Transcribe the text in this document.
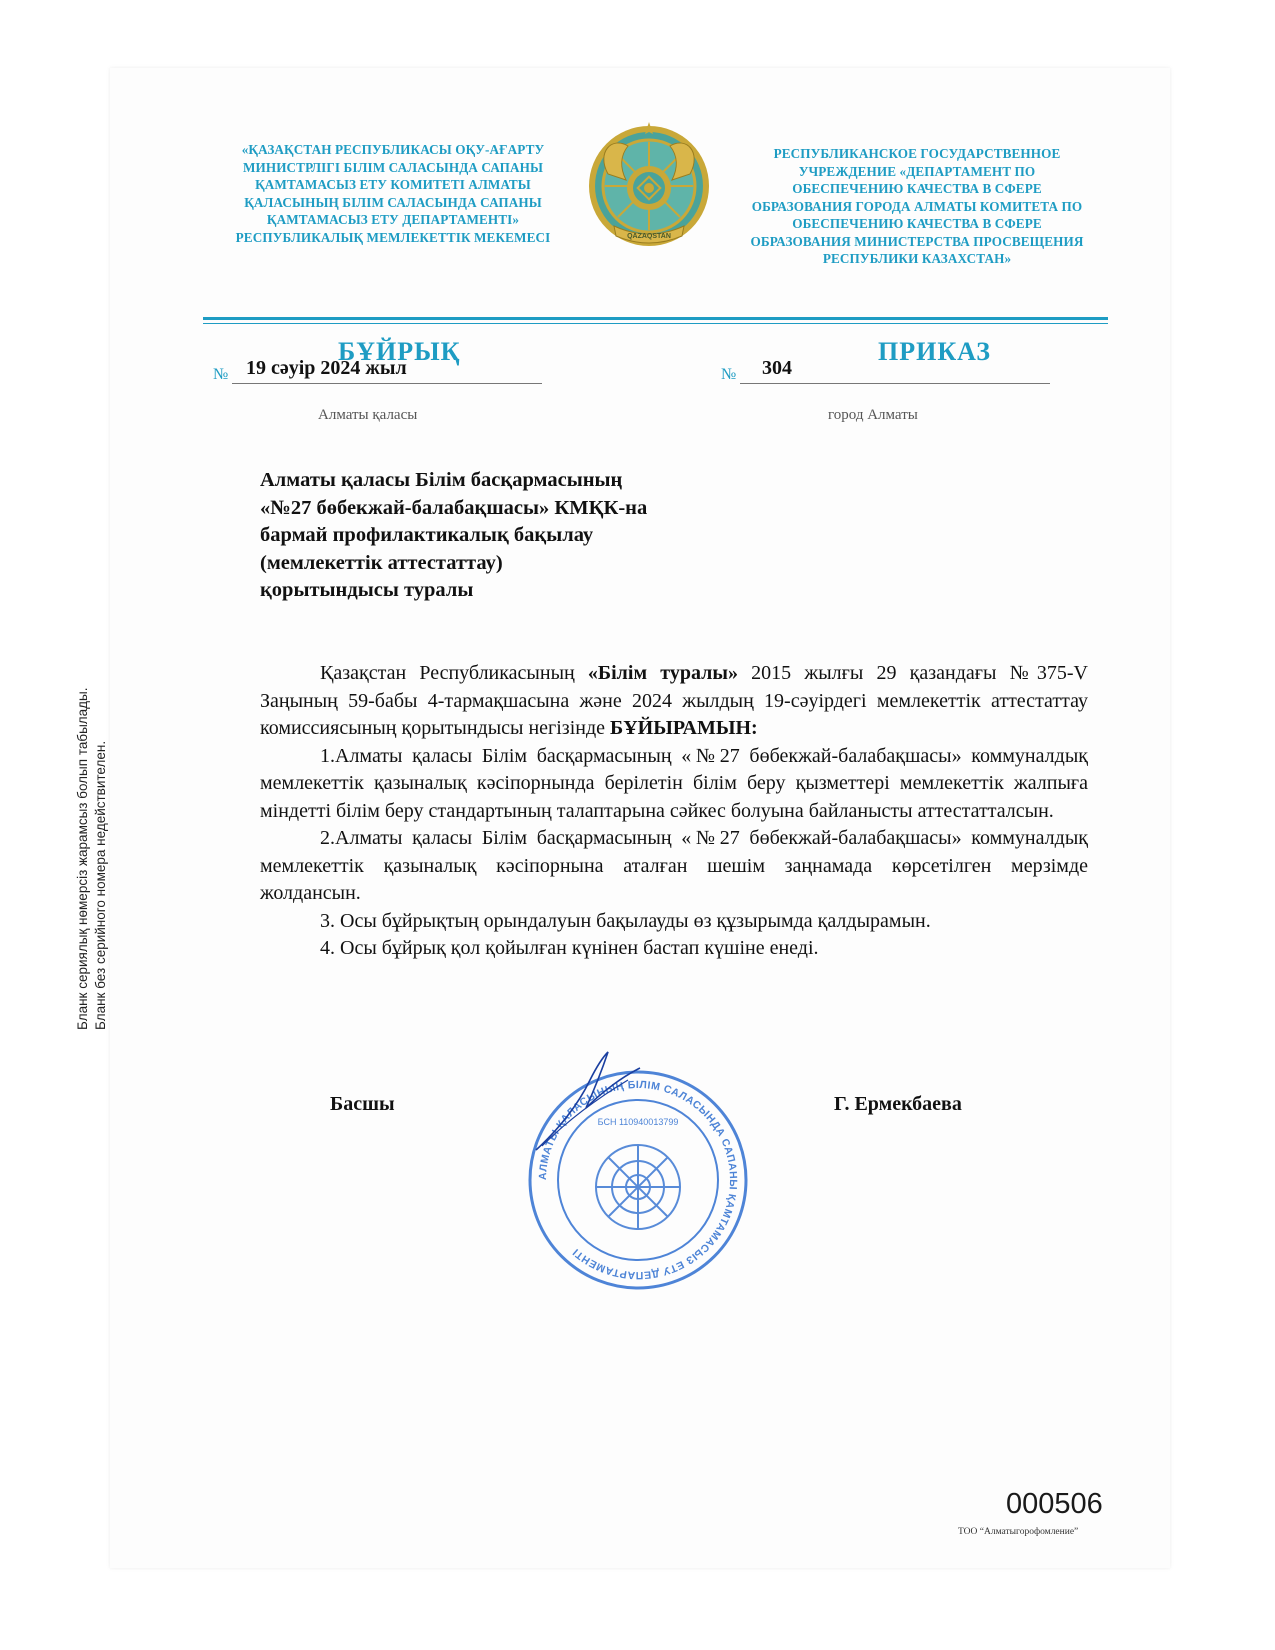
«ҚАЗАҚСТАН РЕСПУБЛИКАСЫ ОҚУ-АҒАРТУ
МИНИСТРЛІГІ БІЛІМ САЛАСЫНДА САПАНЫ
ҚАМТАМАСЫЗ ЕТУ КОМИТЕТІ АЛМАТЫ
ҚАЛАСЫНЫҢ БІЛІМ САЛАСЫНДА САПАНЫ
ҚАМТАМАСЫЗ ЕТУ ДЕПАРТАМЕНТІ»
РЕСПУБЛИКАЛЫҚ МЕМЛЕКЕТТІК МЕКЕМЕСІ	QAZAQSTAN
РЕСПУБЛИКАНСКОЕ ГОСУДАРСТВЕННОЕ
УЧРЕЖДЕНИЕ «ДЕПАРТАМЕНТ ПО
ОБЕСПЕЧЕНИЮ КАЧЕСТВА В СФЕРЕ
ОБРАЗОВАНИЯ ГОРОДА АЛМАТЫ КОМИТЕТА ПО
ОБЕСПЕЧЕНИЮ КАЧЕСТВА В СФЕРЕ
ОБРАЗОВАНИЯ МИНИСТЕРСТВА ПРОСВЕЩЕНИЯ
РЕСПУБЛИКИ КАЗАХСТАН»
БҰЙРЫҚ	ПРИКАЗ
№ 19 сәуір 2024 жыл	№ 304
Алматы қаласы	город Алматы
Алматы қаласы Білім басқармасының
«№27 бөбекжай-балабақшасы» КМҚК-на
бармай профилактикалық бақылау
(мемлекеттік аттестаттау)
қорытындысы туралы

Қазақстан Республикасының «Білім туралы» 2015 жылғы 29 қазандағы №375-V Заңының 59-бабы 4-тармақшасына және 2024 жылдың 19-сәуірдегі мемлекеттік аттестаттау комиссиясының қорытындысы негізінде БҰЙЫРАМЫН:

1.Алматы қаласы Білім басқармасының «№27 бөбекжай-балабақшасы» коммуналдық мемлекеттік қазыналық кәсіпорнында берілетін білім беру қызметтері мемлекеттік жалпыға міндетті білім беру стандартының талаптарына сәйкес болуына байланысты аттестатталсын.

2.Алматы қаласы Білім басқармасының «№27 бөбекжай-балабақшасы» коммуналдық мемлекеттік қазыналық кәсіпорнына аталған шешім заңнамада көрсетілген мерзімде жолдансын.

3. Осы бұйрықтың орындалуын бақылауды өз құзырымда қалдырамын.

4. Осы бұйрық қол қойылған күнінен бастап күшіне енеді.

Бланк сериялық нөмерсіз жарамсыз болып табылады. Бланк без серийного номера недействителен.
Басшы	Г. Ермекбаева
АЛМАТЫ ҚАЛАСЫНЫҢ БІЛІМ САЛАСЫНДА САПАНЫ ҚАМТАМАСЫЗ ЕТУ ДЕПАРТАМЕНТІ
БСН 110940013799
000506
ТОО “Алматыгорофомление”
